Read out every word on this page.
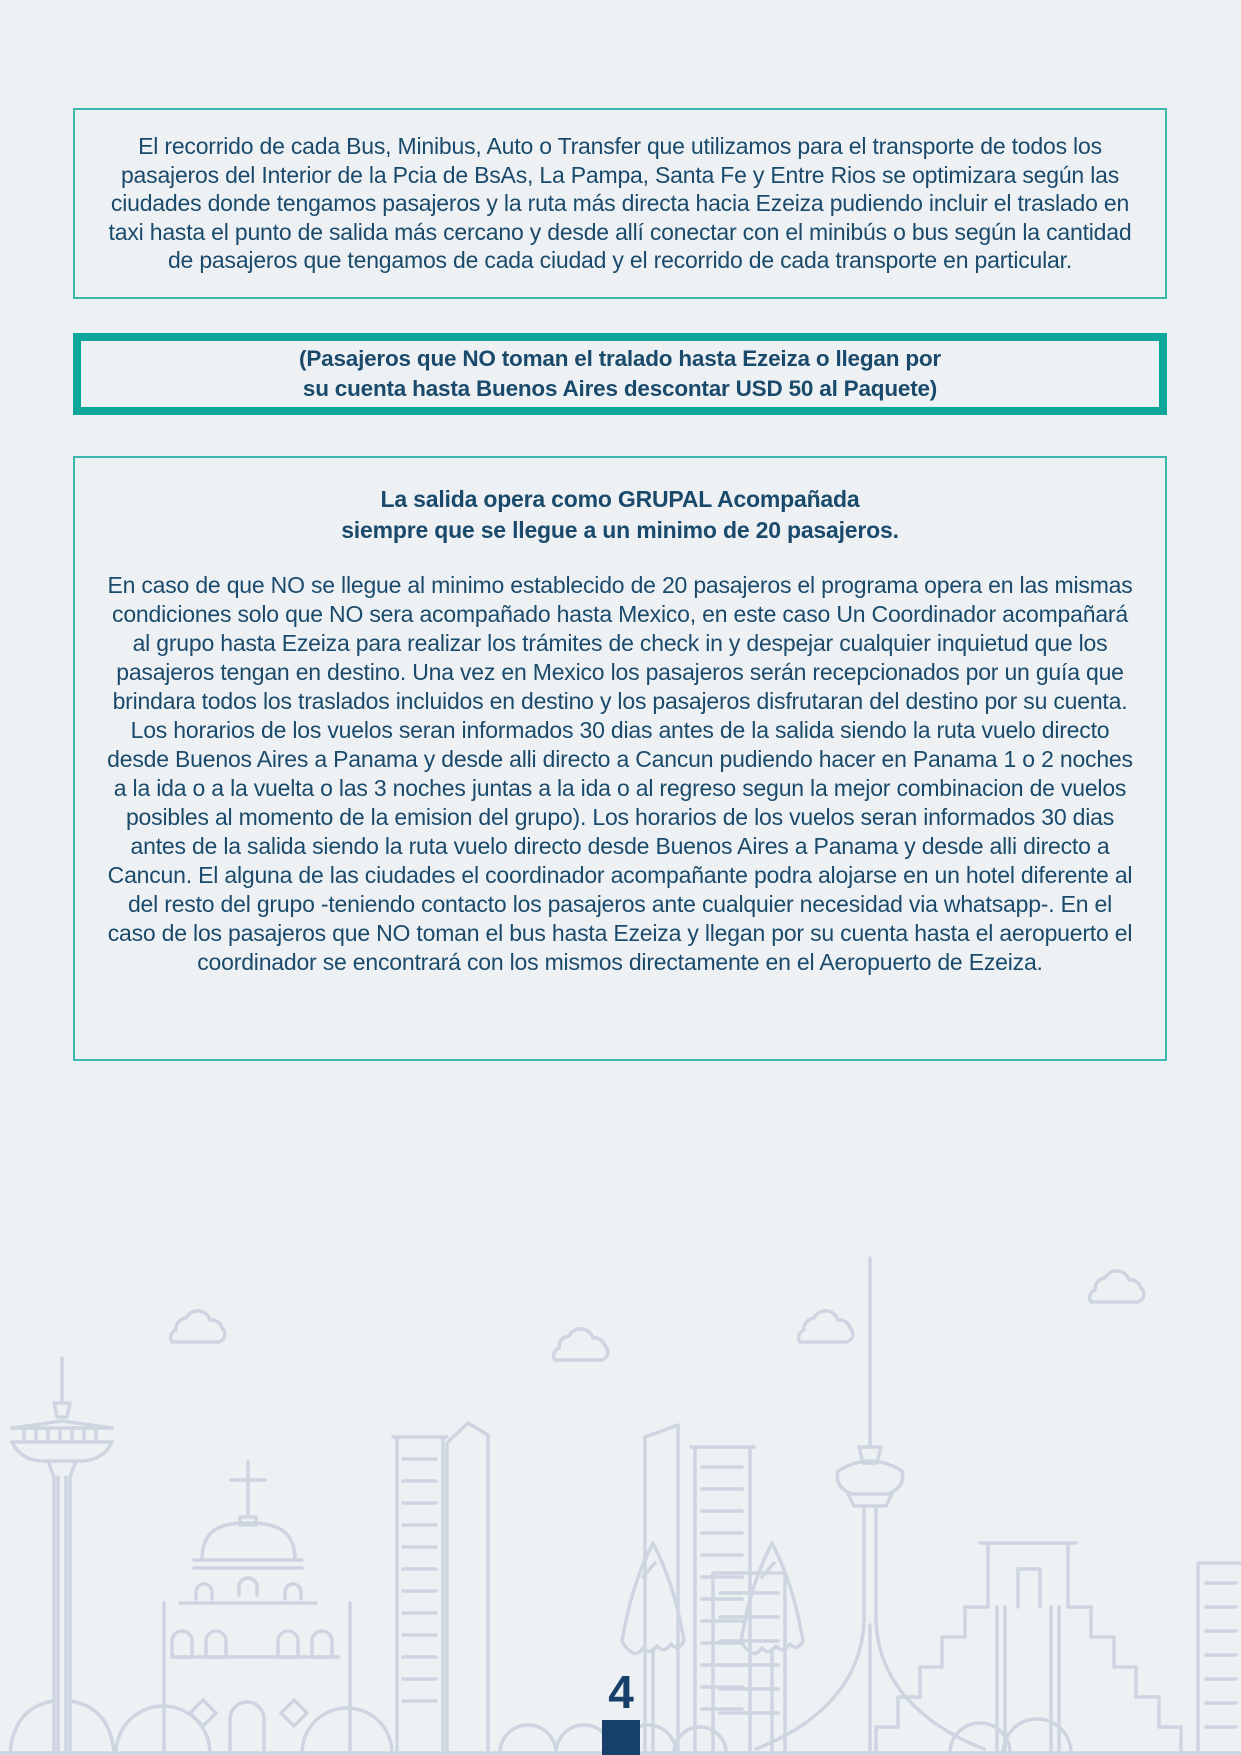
El recorrido de cada Bus, Minibus, Auto o Transfer que utilizamos para el transporte de todos los pasajeros del Interior de la Pcia de BsAs, La Pampa, Santa Fe y Entre Rios se optimizara según las ciudades donde tengamos pasajeros y la ruta más directa hacia Ezeiza pudiendo incluir el traslado en taxi hasta el punto de salida más cercano y desde allí conectar con el minibús o bus según la cantidad de pasajeros que tengamos de cada ciudad y el recorrido de cada transporte en particular.

(Pasajeros que NO toman el tralado hasta Ezeiza o llegan por su cuenta hasta Buenos Aires descontar USD 50 al Paquete)

La salida opera como GRUPAL Acompañada siempre que se llegue a un minimo de 20 pasajeros.

En caso de que NO se llegue al minimo establecido de 20 pasajeros el programa opera en las mismas condiciones solo que NO sera acompañado hasta Mexico, en este caso Un Coordinador acompañará al grupo hasta Ezeiza para realizar los trámites de check in y despejar cualquier inquietud que los pasajeros tengan en destino. Una vez en Mexico los pasajeros serán recepcionados por un guía que brindara todos los traslados incluidos en destino y los pasajeros disfrutaran del destino por su cuenta. Los horarios de los vuelos seran informados 30 dias antes de la salida siendo la ruta vuelo directo desde Buenos Aires a Panama y desde alli directo a Cancun pudiendo hacer en Panama 1 o 2 noches a la ida o a la vuelta o las 3 noches juntas a la ida o al regreso segun la mejor combinacion de vuelos posibles al momento de la emision del grupo). Los horarios de los vuelos seran informados 30 dias antes de la salida siendo la ruta vuelo directo desde Buenos Aires a Panama y desde alli directo a Cancun. El alguna de las ciudades el coordinador acompañante podra alojarse en un hotel diferente al del resto del grupo -teniendo contacto los pasajeros ante cualquier necesidad via whatsapp-. En el caso de los pasajeros que NO toman el bus hasta Ezeiza y llegan por su cuenta hasta el aeropuerto el coordinador se encontrará con los mismos directamente en el Aeropuerto de Ezeiza.

4
